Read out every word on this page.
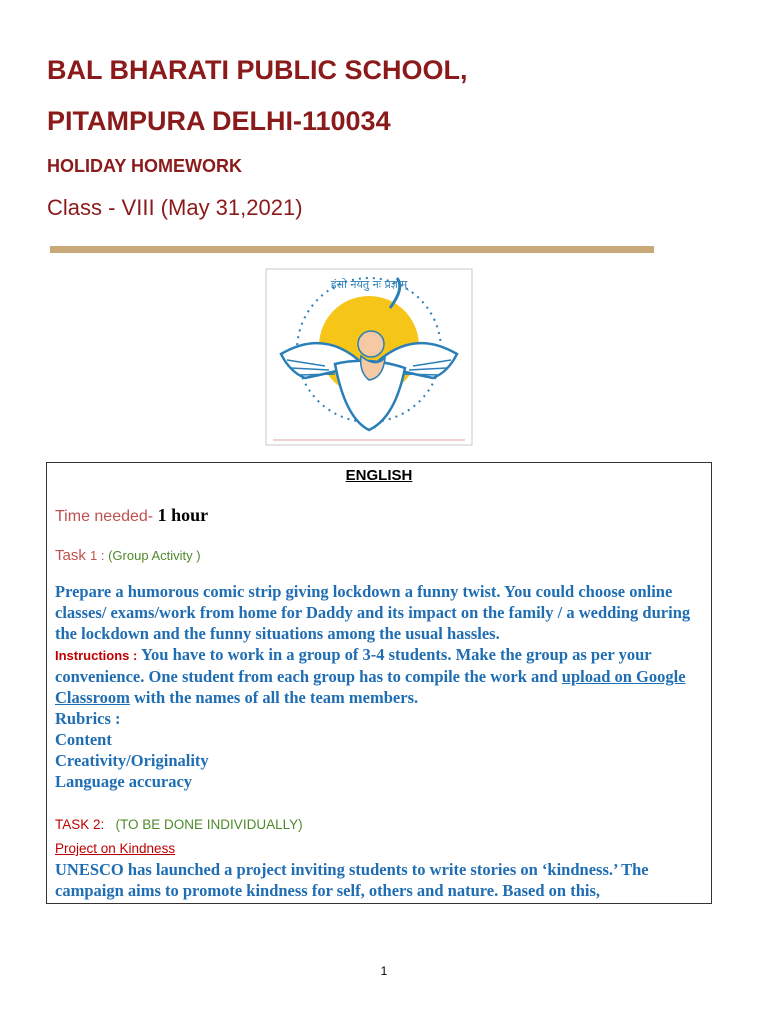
BAL BHARATI PUBLIC SCHOOL,
PITAMPURA DELHI-110034
HOLIDAY HOMEWORK
Class - VIII (May 31,2021)
हंसो नयतु नः प्रज्ञाम्
ENGLISH
Time needed- 1 hour
Task 1 : (Group Activity )
Prepare a humorous comic strip giving lockdown a funny twist. You could choose online classes/ exams/work from home for Daddy and its impact on the family / a wedding during the lockdown and the funny situations among the usual hassles.
Instructions : You have to work in a group of 3-4 students. Make the group as per your convenience. One student from each group has to compile the work and upload on Google Classroom with the names of all the team members.
Rubrics :
Content
Creativity/Originality
Language accuracy
TASK 2: (TO BE DONE INDIVIDUALLY)
Project on Kindness
UNESCO has launched a project inviting students to write stories on ‘kindness.’ The campaign aims to promote kindness for self, others and nature. Based on this,
1
